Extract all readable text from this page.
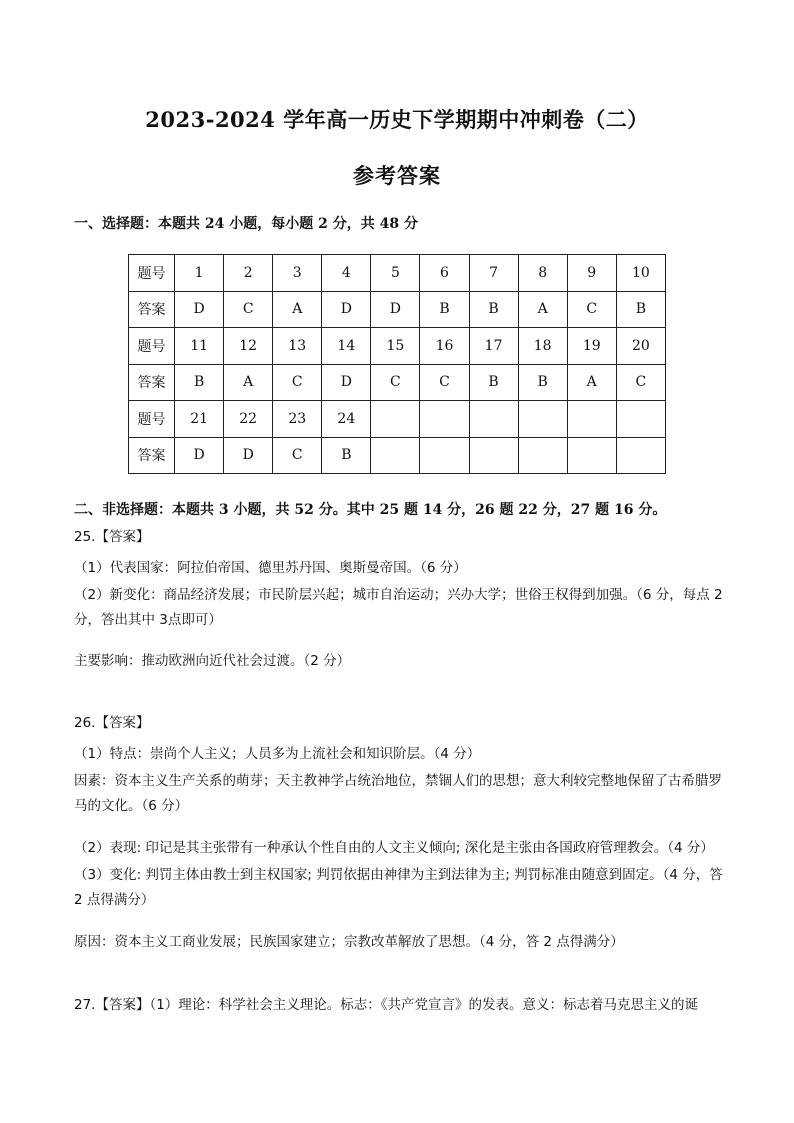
2023-2024 学年高一历史下学期期中冲刺卷（二）
参考答案
一、选择题：本题共 24 小题，每小题 2 分，共 48 分
题号	1	2	3	4	5	6	7	8	9	10
答案	D	C	A	D	D	B	B	A	C	B
题号	11	12	13	14	15	16	17	18	19	20
答案	B	A	C	D	C	C	B	B	A	C
题号	21	22	23	24						
答案	D	D	C	B						
二、非选择题：本题共 3 小题，共 52 分。其中 25 题 14 分，26 题 22 分，27 题 16 分。
25.【答案】
（1）代表国家：阿拉伯帝国、德里苏丹国、奥斯曼帝国。（6 分）
（2）新变化：商品经济发展；市民阶层兴起；城市自治运动；兴办大学；世俗王权得到加强。（6 分，每点 2分，答出其中 3点即可）
主要影响：推动欧洲向近代社会过渡。（2 分）
26.【答案】
（1）特点：崇尚个人主义；人员多为上流社会和知识阶层。（4 分）
因素：资本主义生产关系的萌芽；天主教神学占统治地位，禁锢人们的思想；意大利较完整地保留了古希腊罗马的文化。（6 分）
（2）表现: 印记是其主张带有一种承认个性自由的人文主义倾向; 深化是主张由各国政府管理教会。（4 分）
（3）变化: 判罚主体由教士到主权国家; 判罚依据由神律为主到法律为主; 判罚标准由随意到固定。（4 分，答 2 点得满分）
原因：资本主义工商业发展；民族国家建立；宗教改革解放了思想。（4 分，答 2 点得满分）
27.【答案】（1）理论：科学社会主义理论。标志：《共产党宣言》的发表。意义：标志着马克思主义的诞
